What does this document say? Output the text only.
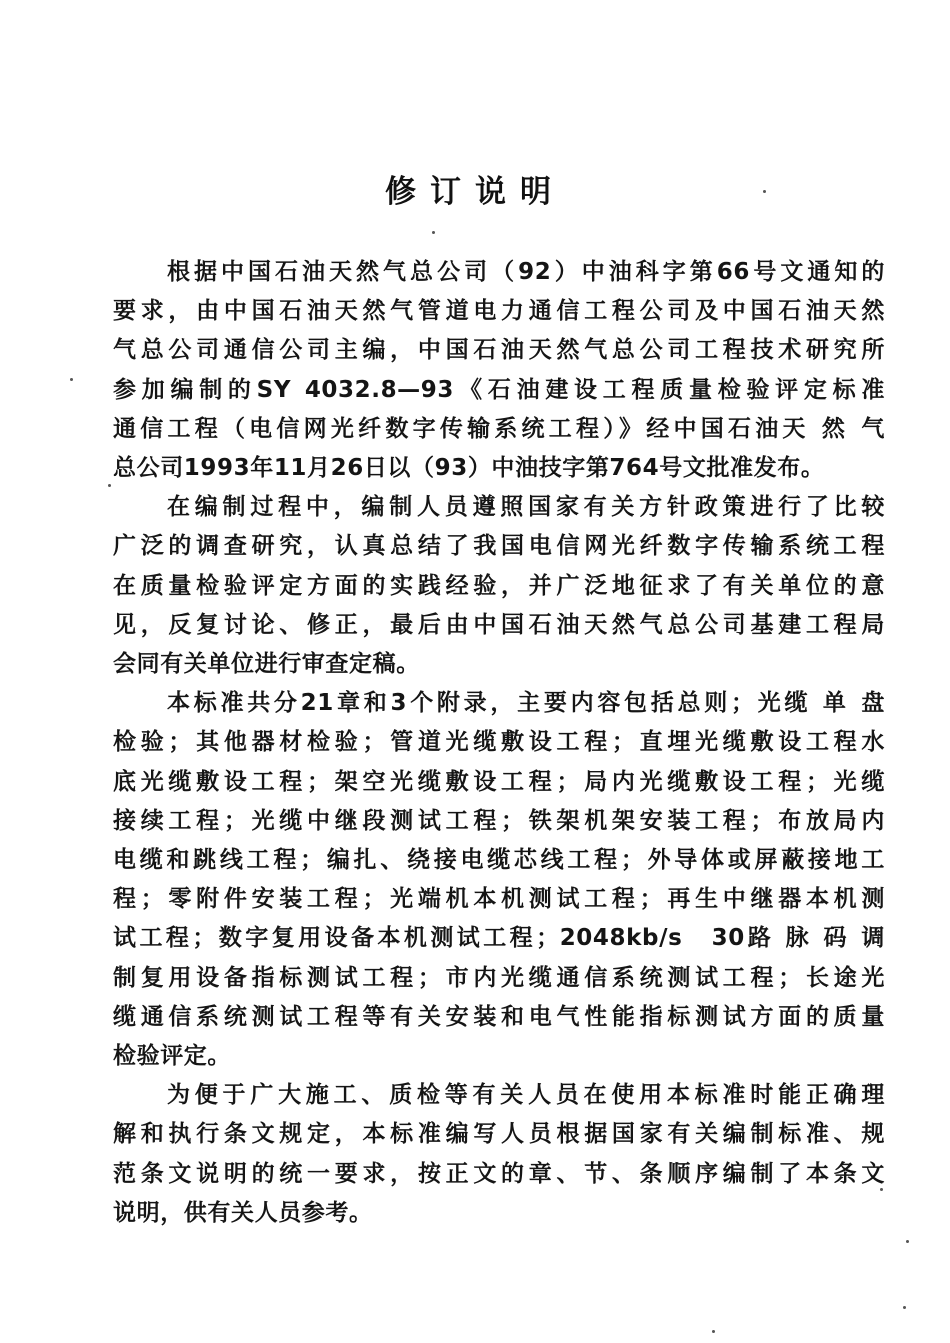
修订说明

根据中国石油天然气总公司（92）中油科字第66号文通知的
要求，由中国石油天然气管道电力通信工程公司及中国石油天然
气总公司通信公司主编，中国石油天然气总公司工程技术研究所
参加编制的SY 4032.8—93《石油建设工程质量检验评定标准
通信工程（电信网光纤数字传输系统工程）》经中国石油天 然 气
总公司1993年11月26日以（93）中油技字第764号文批准发布。

在编制过程中，编制人员遵照国家有关方针政策进行了比较
广泛的调查研究，认真总结了我国电信网光纤数字传输系统工程
在质量检验评定方面的实践经验，并广泛地征求了有关单位的意
见，反复讨论、修正，最后由中国石油天然气总公司基建工程局
会同有关单位进行审查定稿。

本标准共分21章和3个附录，主要内容包括总则；光缆 单 盘
检验；其他器材检验；管道光缆敷设工程；直埋光缆敷设工程水
底光缆敷设工程；架空光缆敷设工程；局内光缆敷设工程；光缆
接续工程；光缆中继段测试工程；铁架机架安装工程；布放局内
电缆和跳线工程；编扎、绕接电缆芯线工程；外导体或屏蔽接地工
程；零附件安装工程；光端机本机测试工程；再生中继器本机测
试工程；数字复用设备本机测试工程；2048kb/s　30路 脉 码 调
制复用设备指标测试工程；市内光缆通信系统测试工程；长途光
缆通信系统测试工程等有关安装和电气性能指标测试方面的质量
检验评定。

为便于广大施工、质检等有关人员在使用本标准时能正确理
解和执行条文规定，本标准编写人员根据国家有关编制标准、规
范条文说明的统一要求，按正文的章、节、条顺序编制了本条文
说明，供有关人员参考。
